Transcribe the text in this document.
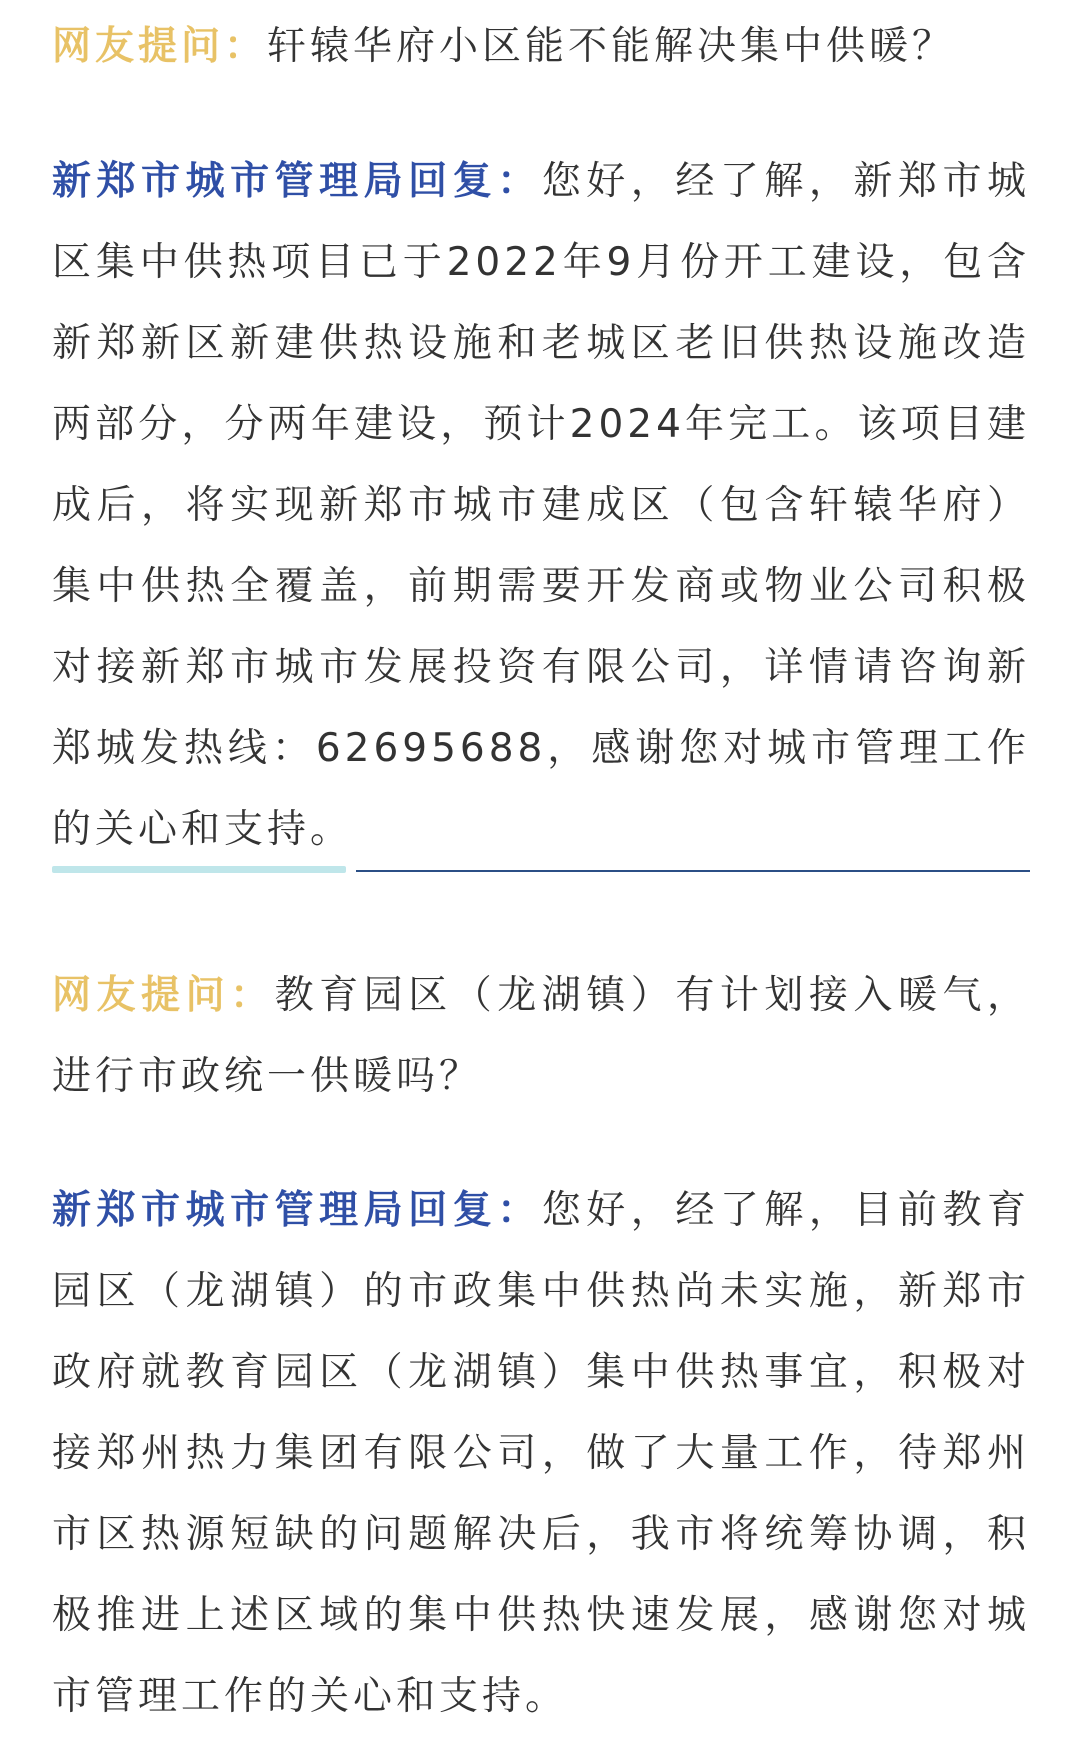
网友提问：轩辕华府小区能不能解决集中供暖？

新郑市城市管理局回复：您好，经了解，新郑市城区集中供热项目已于2022年9月份开工建设，包含新郑新区新建供热设施和老城区老旧供热设施改造两部分，分两年建设，预计2024年完工。该项目建成后，将实现新郑市城市建成区（包含轩辕华府）集中供热全覆盖，前期需要开发商或物业公司积极对接新郑市城市发展投资有限公司，详情请咨询新郑城发热线：62695688，感谢您对城市管理工作的关心和支持。

网友提问：教育园区（龙湖镇）有计划接入暖气，进行市政统一供暖吗？

新郑市城市管理局回复：您好，经了解，目前教育园区（龙湖镇）的市政集中供热尚未实施，新郑市政府就教育园区（龙湖镇）集中供热事宜，积极对接郑州热力集团有限公司，做了大量工作，待郑州市区热源短缺的问题解决后，我市将统筹协调，积极推进上述区域的集中供热快速发展，感谢您对城市管理工作的关心和支持。
